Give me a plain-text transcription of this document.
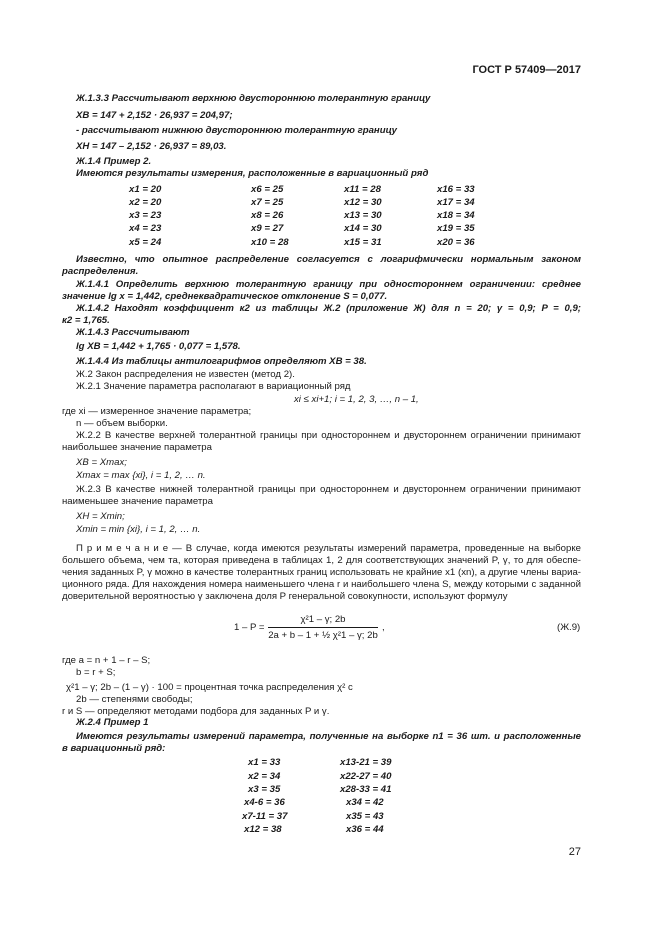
ГОСТ Р 57409—2017
Ж.1.3.3 Рассчитывают верхнюю двустороннюю толерантную границу
XB = 147 + 2,152 · 26,937 = 204,97;
- рассчитывают нижнюю двустороннюю толерантную границу
XH = 147 – 2,152 · 26,937 = 89,03.
Ж.1.4 Пример 2.
Имеются результаты измерения, расположенные в вариационный ряд
x1 = 20
x2 = 20
x3 = 23
x4 = 23
x5 = 24
x6 = 25
x7 = 25
x8 = 26
x9 = 27
x10 = 28
x11 = 28
x12 = 30
x13 = 30
x14 = 30
x15 = 31
x16 = 33
x17 = 34
x18 = 34
x19 = 35
x20 = 36
Известно, что опытное распределение согласуется с логарифмически нормальным законом
распределения.
Ж.1.4.1 Определить верхнюю толерантную границу при одностороннем ограничении: среднее
значение lg x = 1,442, среднеквадратическое отклонение S = 0,077.
Ж.1.4.2 Находят коэффициент к2 из таблицы Ж.2 (приложение Ж) для n = 20; γ = 0,9; P = 0,9;
к2 = 1,765.
Ж.1.4.3 Рассчитывают
lg XB = 1,442 + 1,765 · 0,077 = 1,578.
Ж.1.4.4 Из таблицы антилогарифмов определяют XB = 38.
Ж.2 Закон распределения не известен (метод 2).
Ж.2.1 Значение параметра располагают в вариационный ряд
xi ≤ xi+1; i = 1, 2, 3, …, n – 1,
где xi — измеренное значение параметра;
n — объем выборки.
Ж.2.2 В качестве верхней толерантной границы при одностороннем и двустороннем ограничении принимают
наибольшее значение параметра
XB = Xmax;
Xmax = max {xi}, i = 1, 2, … n.
Ж.2.3 В качестве нижней толерантной границы при одностороннем и двустороннем ограничении принимают
наименьшее значение параметра
XH = Xmin;
Xmin = min {xi}, i = 1, 2, … n.
П р и м е ч а н и е — В случае, когда имеются результаты измерений параметра, проведенные на выборке
большего объема, чем та, которая приведена в таблицах 1, 2 для соответствующих значений P, γ, то для обеспе-
чения заданных P, γ можно в качестве толерантных границ использовать не крайние x1 (xn), а другие члены вариа-
ционного ряда. Для нахождения номера наименьшего члена r и наибольшего члена S, между которыми с заданной
доверительной вероятностью γ заключена доля P генеральной совокупности, используют формулу
1 – P =
χ²1 – γ; 2b
2a + b – 1 + ½ χ²1 – γ; 2b
,	(Ж.9)
где a = n + 1 – r – S;
b = r + S;
χ²1 – γ; 2b – (1 – γ) · 100 = процентная точка распределения χ² с
2b — степенями свободы;
r и S — определяют методами подбора для заданных P и γ.
Ж.2.4 Пример 1
Имеются результаты измерений параметра, полученные на выборке n1 = 36 шт. и расположенные
в вариационный ряд:
x1 = 33
x2 = 34
x3 = 35
x4-6 = 36
x7-11 = 37
x12 = 38
x13-21 = 39
x22-27 = 40
x28-33 = 41
x34 = 42
x35 = 43
x36 = 44
27
